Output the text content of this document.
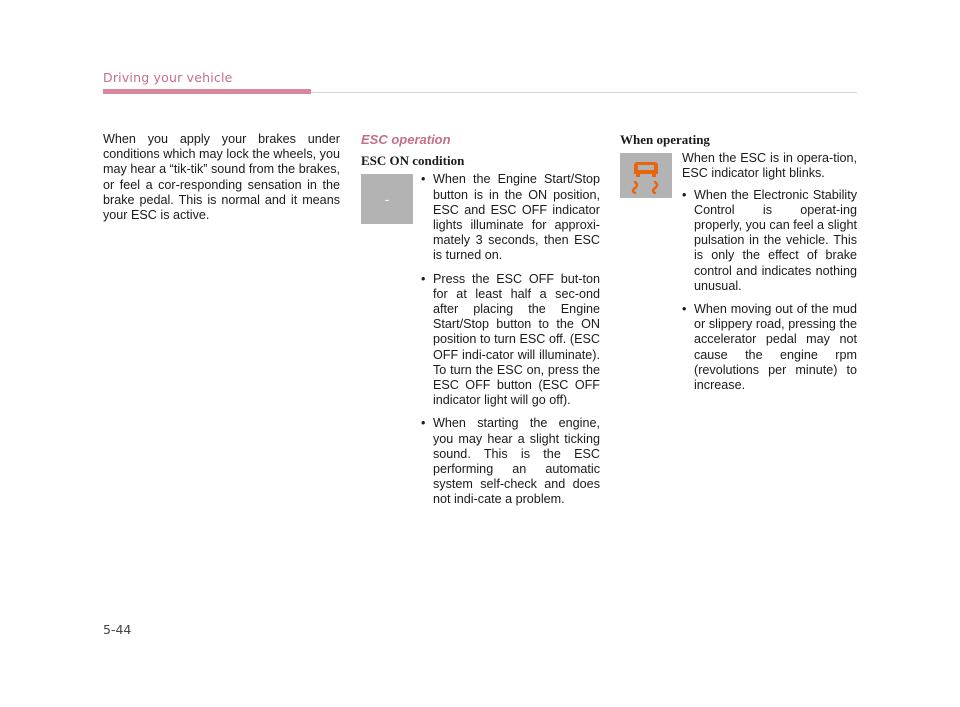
Driving your vehicle

When you apply your brakes under conditions which may lock the wheels, you may hear a “tik-tik” sound from the brakes, or feel a cor-responding sensation in the brake pedal. This is normal and it means your ESC is active.

ESC operation
ESC ON condition
-
• When the Engine Start/Stop button is in the ON position, ESC and ESC OFF indicator lights illuminate for approxi-mately 3 seconds, then ESC is turned on.
• Press the ESC OFF but-ton for at least half a sec-ond after placing the Engine Start/Stop button to the ON position to turn ESC off. (ESC OFF indi-cator will illuminate). To turn the ESC on, press the ESC OFF button (ESC OFF indicator light will go off).
• When starting the engine, you may hear a slight ticking sound. This is the ESC performing an automatic system self-check and does not indi-cate a problem.
When operating

When the ESC is in opera-tion, ESC indicator light blinks.

• When the Electronic Stability Control is operat-ing properly, you can feel a slight pulsation in the vehicle. This is only the effect of brake control and indicates nothing unusual.
• When moving out of the mud or slippery road, pressing the accelerator pedal may not cause the engine rpm (revolutions per minute) to increase.
5-44
